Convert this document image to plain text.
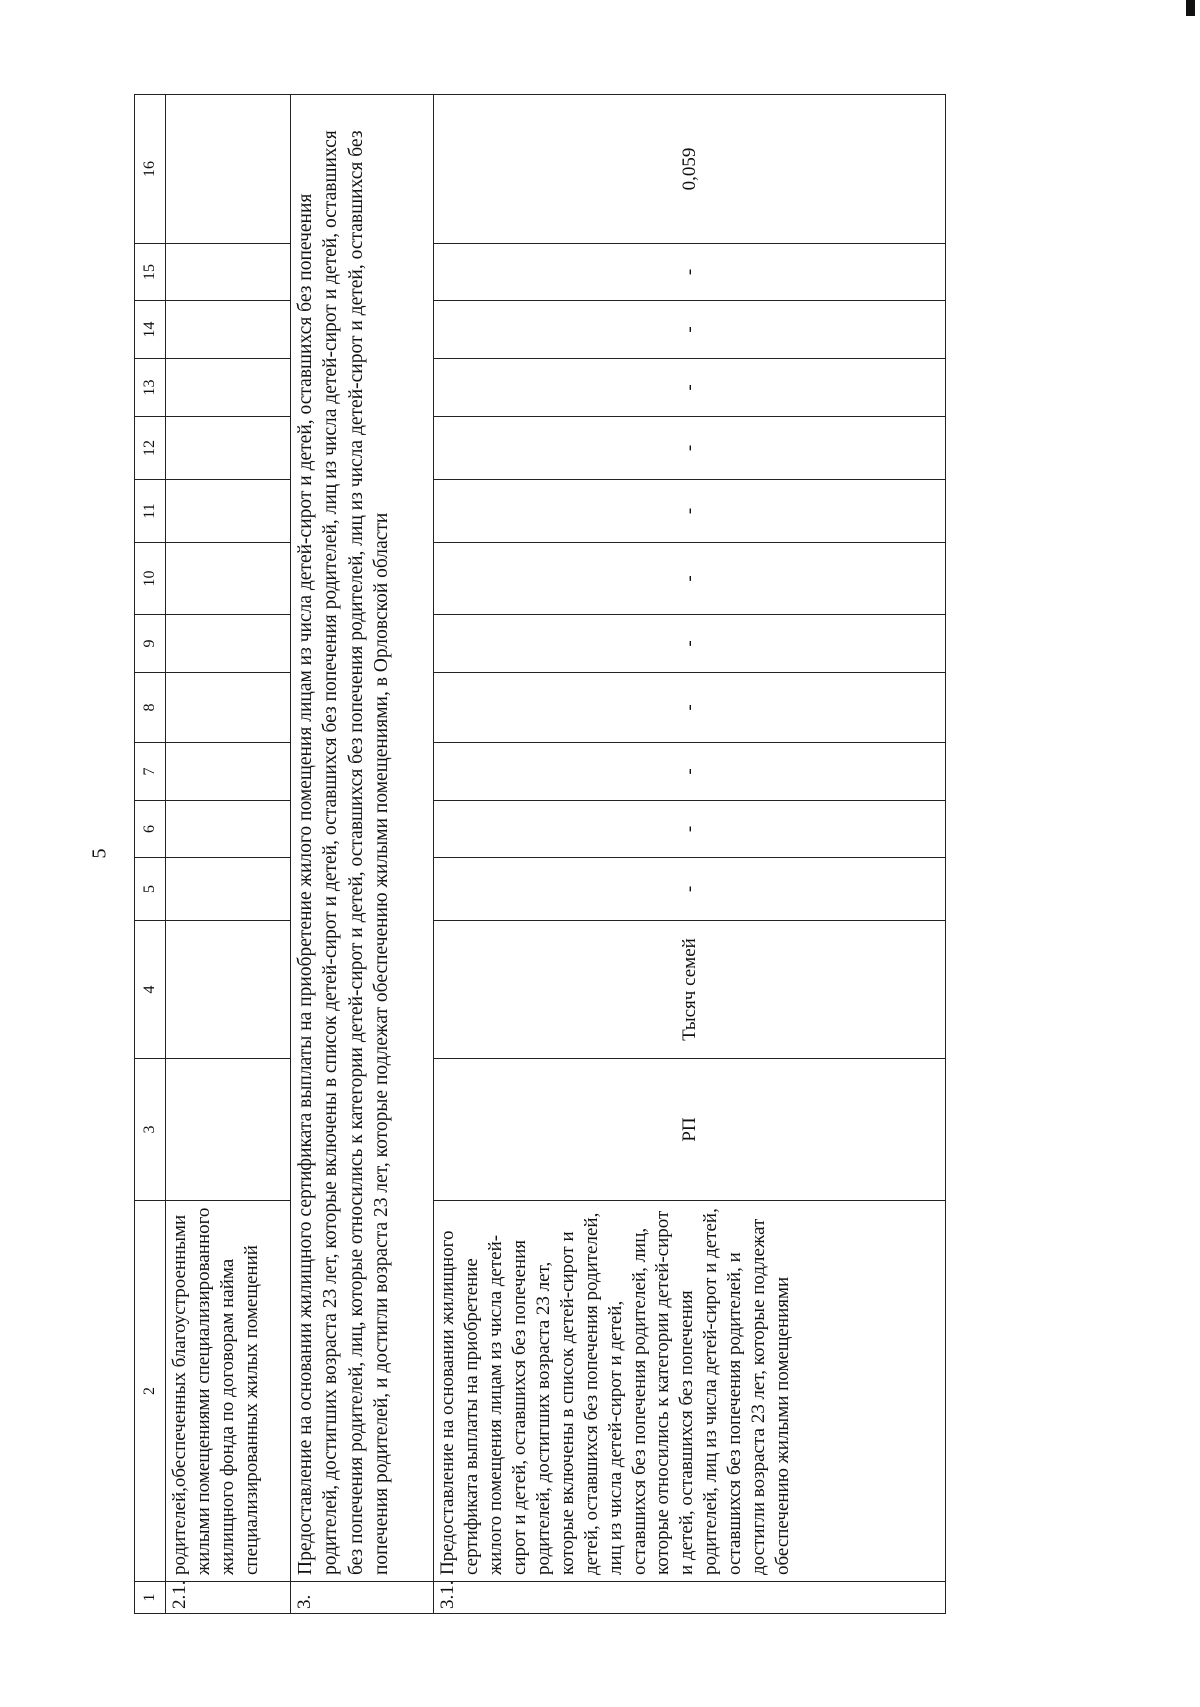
5
1	2	3	4	5	6	7	8	9	10	11	12	13	14	15	16
2.1.	родителей,обеспеченных благоустроенными жилыми помещениями специализированного жилищного фонда по договорам найма специализированных жилых помещений														
3.	Предоставление на основании жилищного сертификата выплаты на приобретение жилого помещения лицам из числа детей-сирот и детей, оставшихся без попечения родителей, достигших возраста 23 лет, которые включены в список детей-сирот и детей, оставшихся без попечения родителей, лиц из числа детей-сирот и детей, оставшихся без попечения родителей, лиц, которые относились к категории детей-сирот и детей, оставшихся без попечения родителей, лиц из числа детей-сирот и детей, оставшихся без попечения родителей, и достигли возраста 23 лет, которые подлежат обеспечению жилыми помещениями, в Орловской области														
3.1.	Предоставление на основании жилищного сертификата выплаты на приобретение жилого помещения лицам из числа детей-сирот и детей, оставшихся без попечения родителей, достигших возраста 23 лет, которые включены в список детей-сирот и детей, оставшихся без попечения родителей, лиц из числа детей-сирот и детей, оставшихся без попечения родителей, лиц, которые относились к категории детей-сирот и детей, оставшихся без попечения родителей, лиц из числа детей-сирот и детей, оставшихся без попечения родителей, и достигли возраста 23 лет, которые подлежат обеспечению жилыми помещениями	РП	Тысяч семей	-	-	-	-	-	-	-	-	-	-	-	0,059
